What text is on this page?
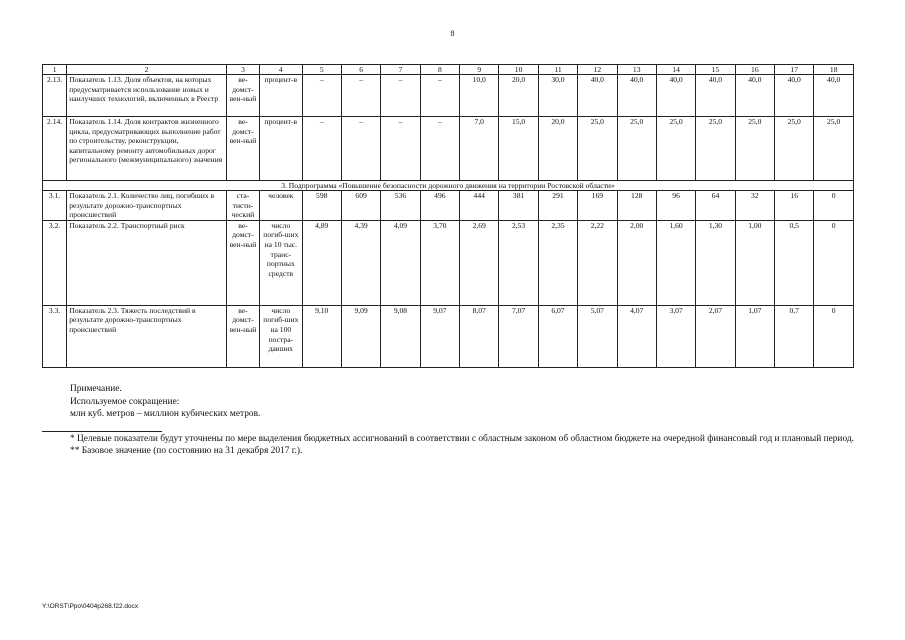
8
1	2	3	4	5	6	7	8	9	10	11	12	13	14	15	16	17	18
2.13.	Показатель 1.13. Доля объектов, на которых предусматривается использование новых и наилучших технологий, включенных в Реестр	ве-домст-вен-ный	процент-в	–	–	–	–	10,0	20,0	30,0	40,0	40,0	40,0	40,0	40,0	40,0	40,0
2.14.	Показатель 1.14. Доля контрактов жизненного цикла, предусматривающих выполнение работ по строительству, реконструкции, капитальному ремонту автомобильных дорог регионального (межмуниципального) значения	ве-домст-вен-ный	процент-в	–	–	–	–	7,0	15,0	20,0	25,0	25,0	25,0	25,0	25,0	25,0	25,0
3. Подпрограмма «Повышение безопасности дорожного движения на территории Ростовской области»																	
3.1.	Показатель 2.1. Количество лиц, погибших в результате дорожно-транспортных происшествий	ста-тисти-ческий	человек	598	609	536	496	444	381	291	169	128	96	64	32	16	0
3.2.	Показатель 2.2. Транспортный риск	ве-домст-вен-ный	число погиб-ших на 10 тыс. транс-портных средств	4,89	4,39	4,09	3,70	2,69	2,53	2,35	2,22	2,00	1,60	1,30	1,00	0,5	0
3.3.	Показатель 2.3. Тяжесть последствий в результате дорожно-транспортных происшествий	ве-домст-вен-ный	число погиб-ших на 100 постра-давших	9,10	9,09	9,08	9,07	8,07	7,07	6,07	5,07	4,07	3,07	2,07	1,07	0,7	0
Примечание.
Используемое сокращение:
млн куб. метров – миллион кубических метров.

* Целевые показатели будут уточнены по мере выделения бюджетных ассигнований в соответствии с областным законом об областном бюджете на очередной финансовый год и плановый период.

** Базовое значение (по состоянию на 31 декабря 2017 г.).

Y:\ORST\Ppo\0404p268.f22.docx
